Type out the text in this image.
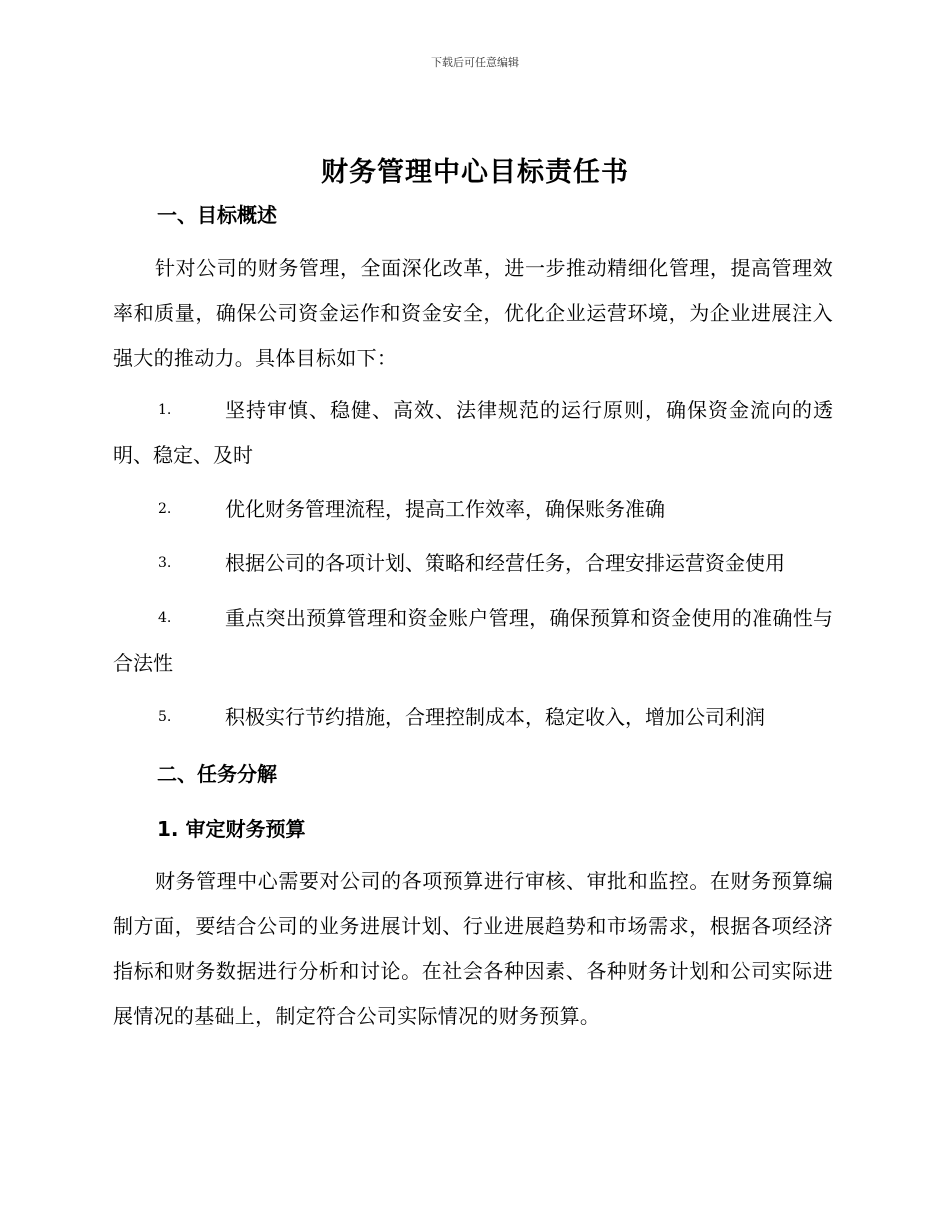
下载后可任意编辑
财务管理中心目标责任书
一、目标概述
针对公司的财务管理，全面深化改革，进一步推动精细化管理，提高管理效率和质量，确保公司资金运作和资金安全，优化企业运营环境，为企业进展注入强大的推动力。具体目标如下：
1.	坚持审慎、稳健、高效、法律规范的运行原则，确保资金流向的透明、稳定、及时
2.	优化财务管理流程，提高工作效率，确保账务准确
3.	根据公司的各项计划、策略和经营任务，合理安排运营资金使用
4.	重点突出预算管理和资金账户管理，确保预算和资金使用的准确性与合法性
5.	积极实行节约措施，合理控制成本，稳定收入，增加公司利润
二、任务分解
1. 审定财务预算
财务管理中心需要对公司的各项预算进行审核、审批和监控。在财务预算编制方面，要结合公司的业务进展计划、行业进展趋势和市场需求，根据各项经济指标和财务数据进行分析和讨论。在社会各种因素、各种财务计划和公司实际进展情况的基础上，制定符合公司实际情况的财务预算。
